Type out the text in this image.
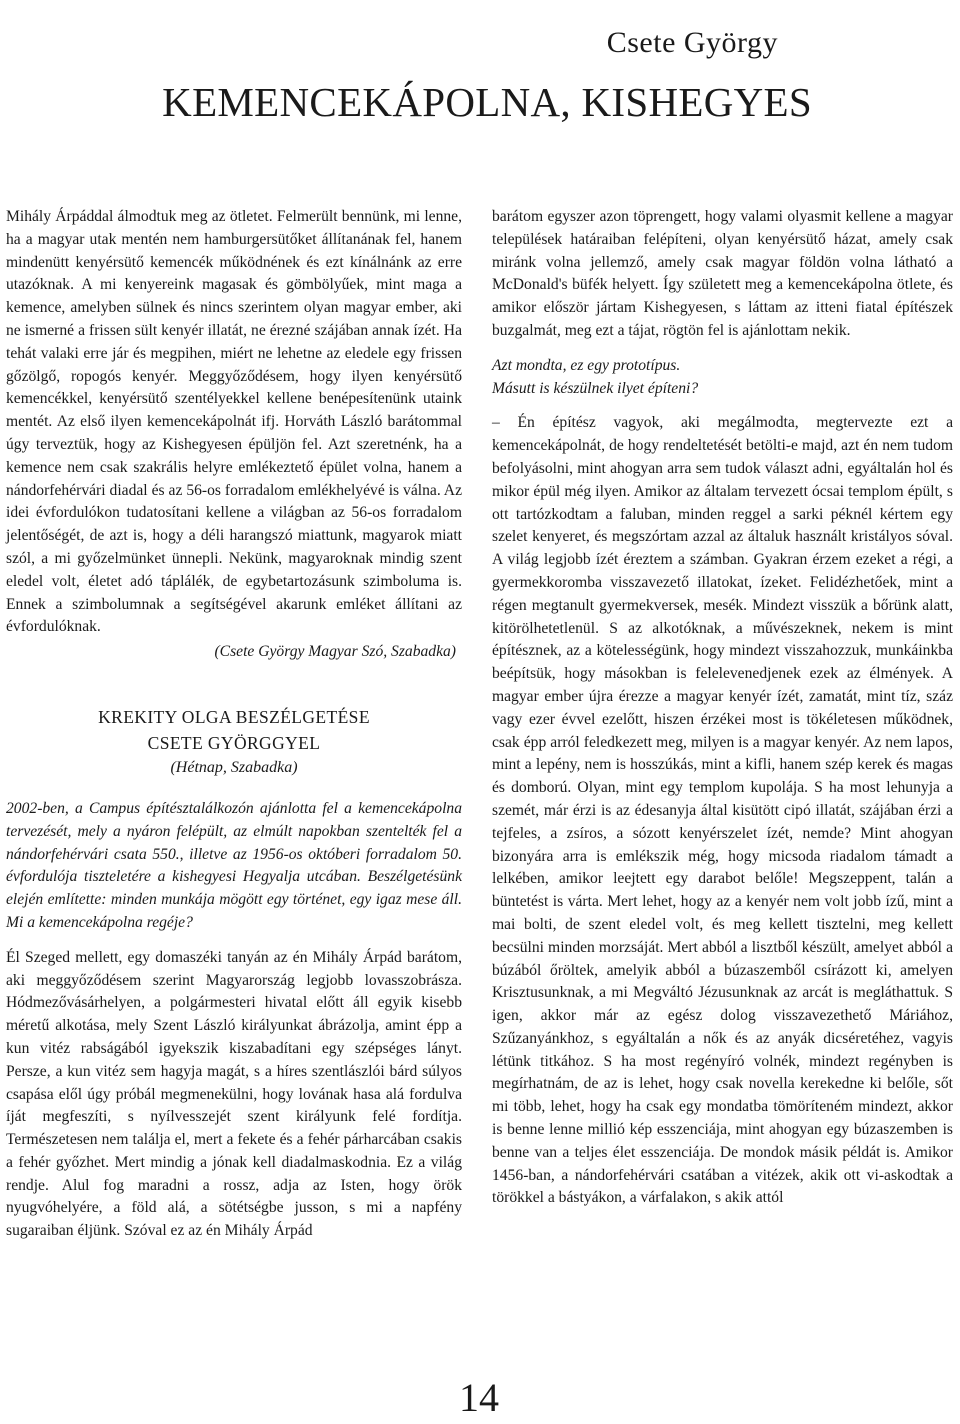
Csete György
KEMENCEKÁPOLNA, KISHEGYES

Mihály Árpáddal álmodtuk meg az ötletet. Felmerült bennünk, mi lenne, ha a magyar utak mentén nem hamburgersütőket állítanának fel, hanem mindenütt kenyérsütő kemencék működnének és ezt kínálnánk az erre utazóknak. A mi kenyereink magasak és gömbölyűek, mint maga a kemence, amelyben sülnek és nincs szerintem olyan magyar ember, aki ne ismerné a frissen sült kenyér illatát, ne érezné szájában annak ízét. Ha tehát valaki erre jár és megpihen, miért ne lehetne az eledele egy frissen gőzölgő, ropogós kenyér. Meggyőződésem, hogy ilyen kenyérsütő kemencékkel, kenyérsütő szentélyekkel kellene benépesítenünk utaink mentét. Az első ilyen kemencekápolnát ifj. Horváth László barátommal úgy terveztük, hogy az Kishegyesen épüljön fel. Azt szeretnénk, ha a kemence nem csak szakrális helyre emlékeztető épület volna, hanem a nándorfehérvári diadal és az 56-os forradalom emlékhelyévé is válna. Az idei évfordulókon tudatosítani kellene a világban az 56-os forradalom jelentőségét, de azt is, hogy a déli harangszó miattunk, magyarok miatt szól, a mi győzelmünket ünnepli. Nekünk, magyaroknak mindig szent eledel volt, életet adó táplálék, de egybetartozásunk szimboluma is. Ennek a szimbolumnak a segítségével akarunk emléket állítani az évfordulóknak.

(Csete György Magyar Szó, Szabadka)

KREKITY OLGA BESZÉLGETÉSE
CSETE GYÖRGGYEL
(Hétnap, Szabadka)

2002-ben, a Campus építésztalálkozón ajánlotta fel a kemencekápolna tervezését, mely a nyáron felépült, az elmúlt napokban szentelték fel a nándorfehérvári csata 550., illetve az 1956-os októberi forradalom 50. évfordulója tiszteletére a kishegyesi Hegyalja utcában. Beszélgetésünk elején említette: minden munkája mögött egy történet, egy igaz mese áll. Mi a kemencekápolna regéje?

Él Szeged mellett, egy domaszéki tanyán az én Mihály Árpád barátom, aki meggyőződésem szerint Magyarország legjobb lovasszobrásza. Hódmezővásárhelyen, a polgármesteri hivatal előtt áll egyik kisebb méretű alkotása, mely Szent László királyunkat ábrázolja, amint épp a kun vitéz rabságából igyekszik kiszabadítani egy szépséges lányt. Persze, a kun vitéz sem hagyja magát, s a híres szentlászlói bárd súlyos csapása elől úgy próbál megmenekülni, hogy lovának hasa alá fordulva íját megfeszíti, s nyílvesszejét szent királyunk felé fordítja. Természetesen nem találja el, mert a fekete és a fehér párharcában csakis a fehér győzhet. Mert mindig a jónak kell diadalmaskodnia. Ez a világ rendje. Alul fog maradni a rossz, adja az Isten, hogy örök nyugvóhelyére, a föld alá, a sötétségbe jusson, s mi a napfény sugaraiban éljünk. Szóval ez az én Mihály Árpád

barátom egyszer azon töprengett, hogy valami olyasmit kellene a magyar települések határaiban felépíteni, olyan kenyérsütő házat, amely csak miránk volna jellemző, amely csak magyar földön volna látható a McDonald's büfék helyett. Így született meg a kemencekápolna ötlete, és amikor először jártam Kishegyesen, s láttam az itteni fiatal építészek buzgalmát, meg ezt a tájat, rögtön fel is ajánlottam nekik.

Azt mondta, ez egy prototípus.

Másutt is készülnek ilyet építeni?

– Én építész vagyok, aki megálmodta, megtervezte ezt a kemencekápolnát, de hogy rendeltetését betölti-e majd, azt én nem tudom befolyásolni, mint ahogyan arra sem tudok választ adni, egyáltalán hol és mikor épül még ilyen. Amikor az általam tervezett ócsai templom épült, s ott tartózkodtam a faluban, minden reggel a sarki péknél kértem egy szelet kenyeret, és megszórtam azzal az általuk használt kristályos sóval. A világ legjobb ízét éreztem a számban. Gyakran érzem ezeket a régi, a gyermekkoromba visszavezető illatokat, ízeket. Felidézhetőek, mint a régen megtanult gyermekversek, mesék. Mindezt visszük a bőrünk alatt, kitörölhetetlenül. S az alkotóknak, a művészeknek, nekem is mint építésznek, az a kötelességünk, hogy mindezt visszahozzuk, munkáinkba beépítsük, hogy másokban is felelevenedjenek ezek az élmények. A magyar ember újra érezze a magyar kenyér ízét, zamatát, mint tíz, száz vagy ezer évvel ezelőtt, hiszen érzékei most is tökéletesen működnek, csak épp arról feledkezett meg, milyen is a magyar kenyér. Az nem lapos, mint a lepény, nem is hosszúkás, mint a kifli, hanem szép kerek és magas és domború. Olyan, mint egy templom kupolája. S ha most lehunyja a szemét, már érzi is az édesanyja által kisütött cipó illatát, szájában érzi a tejfeles, a zsíros, a sózott kenyérszelet ízét, nemde? Mint ahogyan bizonyára arra is emlékszik még, hogy micsoda riadalom támadt a lelkében, amikor leejtett egy darabot belőle! Megszeppent, talán a büntetést is várta. Mert lehet, hogy az a kenyér nem volt jobb ízű, mint a mai bolti, de szent eledel volt, és meg kellett tisztelni, meg kellett becsülni minden morzsáját. Mert abból a lisztből készült, amelyet abból a búzából őröltek, amelyik abból a búzaszemből csírázott ki, amelyen Krisztusunknak, a mi Megváltó Jézusunknak az arcát is megláthattuk. S igen, akkor már az egész dolog visszavezethető Máriához, Szűzanyánkhoz, s egyáltalán a nők és az anyák dicséretéhez, vagyis létünk titkához. S ha most regényíró volnék, mindezt regényben is megírhatnám, de az is lehet, hogy csak novella kerekedne ki belőle, sőt mi több, lehet, hogy ha csak egy mondatba tömöríteném mindezt, akkor is benne lenne millió kép esszenciája, mint ahogyan egy búzaszemben is benne van a teljes élet esszenciája. De mondok másik példát is. Amikor 1456-ban, a nándorfehérvári csatában a vitézek, akik ott vi-askodtak a törökkel a bástyákon, a várfalakon, s akik attól

14
